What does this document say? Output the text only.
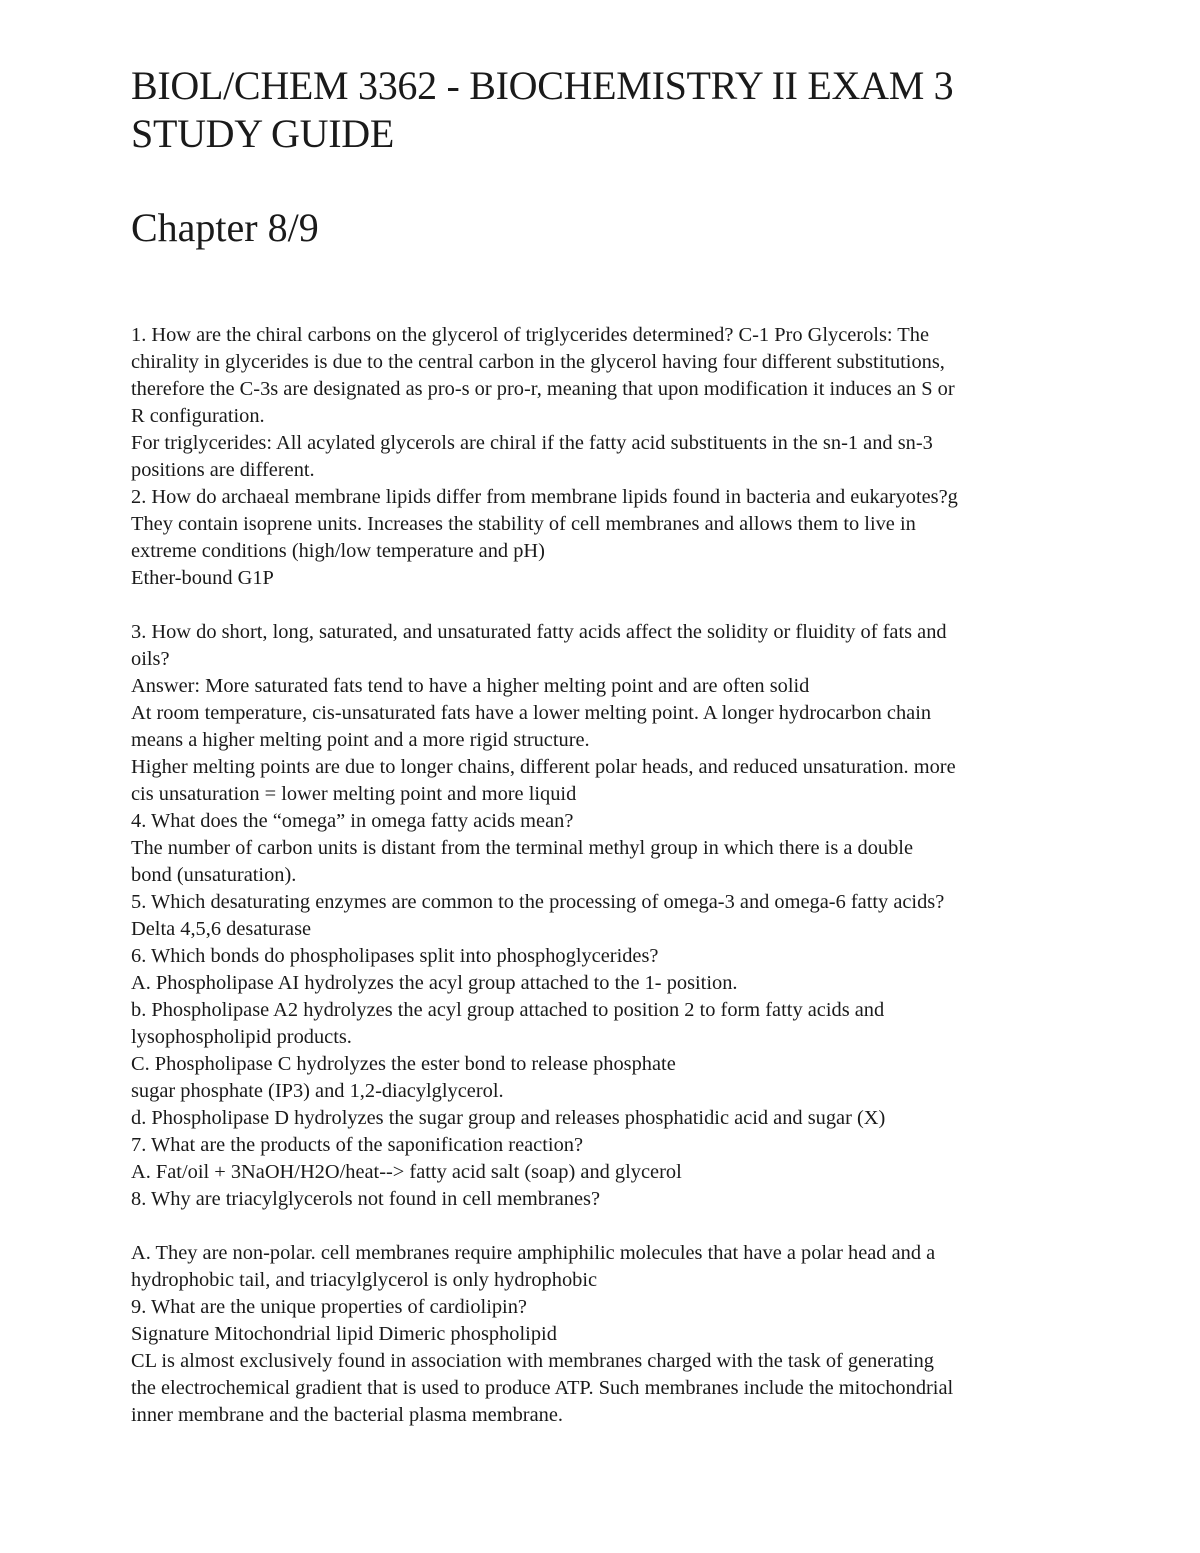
BIOL/CHEM 3362 - BIOCHEMISTRY II EXAM 3
STUDY GUIDE
Chapter 8/9
1. How are the chiral carbons on the glycerol of triglycerides determined? C-1 Pro Glycerols: The
chirality in glycerides is due to the central carbon in the glycerol having four different substitutions,
therefore the C-3s are designated as pro-s or pro-r, meaning that upon modification it induces an S or
R configuration.
For triglycerides: All acylated glycerols are chiral if the fatty acid substituents in the sn-1 and sn-3
positions are different.
2. How do archaeal membrane lipids differ from membrane lipids found in bacteria and eukaryotes?g
They contain isoprene units. Increases the stability of cell membranes and allows them to live in
extreme conditions (high/low temperature and pH)
Ether-bound G1P
3. How do short, long, saturated, and unsaturated fatty acids affect the solidity or fluidity of fats and
oils?
Answer: More saturated fats tend to have a higher melting point and are often solid
At room temperature, cis-unsaturated fats have a lower melting point. A longer hydrocarbon chain
means a higher melting point and a more rigid structure.
Higher melting points are due to longer chains, different polar heads, and reduced unsaturation. more
cis unsaturation = lower melting point and more liquid
4. What does the “omega” in omega fatty acids mean?
The number of carbon units is distant from the terminal methyl group in which there is a double
bond (unsaturation).
5. Which desaturating enzymes are common to the processing of omega-3 and omega-6 fatty acids?
Delta 4,5,6 desaturase
6. Which bonds do phospholipases split into phosphoglycerides?
A. Phospholipase AI hydrolyzes the acyl group attached to the 1- position.
b. Phospholipase A2 hydrolyzes the acyl group attached to position 2 to form fatty acids and
lysophospholipid products.
C. Phospholipase C hydrolyzes the ester bond to release phosphate
sugar phosphate (IP3) and 1,2-diacylglycerol.
d. Phospholipase D hydrolyzes the sugar group and releases phosphatidic acid and sugar (X)
7. What are the products of the saponification reaction?
A. Fat/oil + 3NaOH/H2O/heat--> fatty acid salt (soap) and glycerol
8. Why are triacylglycerols not found in cell membranes?
A. They are non-polar. cell membranes require amphiphilic molecules that have a polar head and a
hydrophobic tail, and triacylglycerol is only hydrophobic
9. What are the unique properties of cardiolipin?
Signature Mitochondrial lipid Dimeric phospholipid
CL is almost exclusively found in association with membranes charged with the task of generating
the electrochemical gradient that is used to produce ATP. Such membranes include the mitochondrial
inner membrane and the bacterial plasma membrane.
